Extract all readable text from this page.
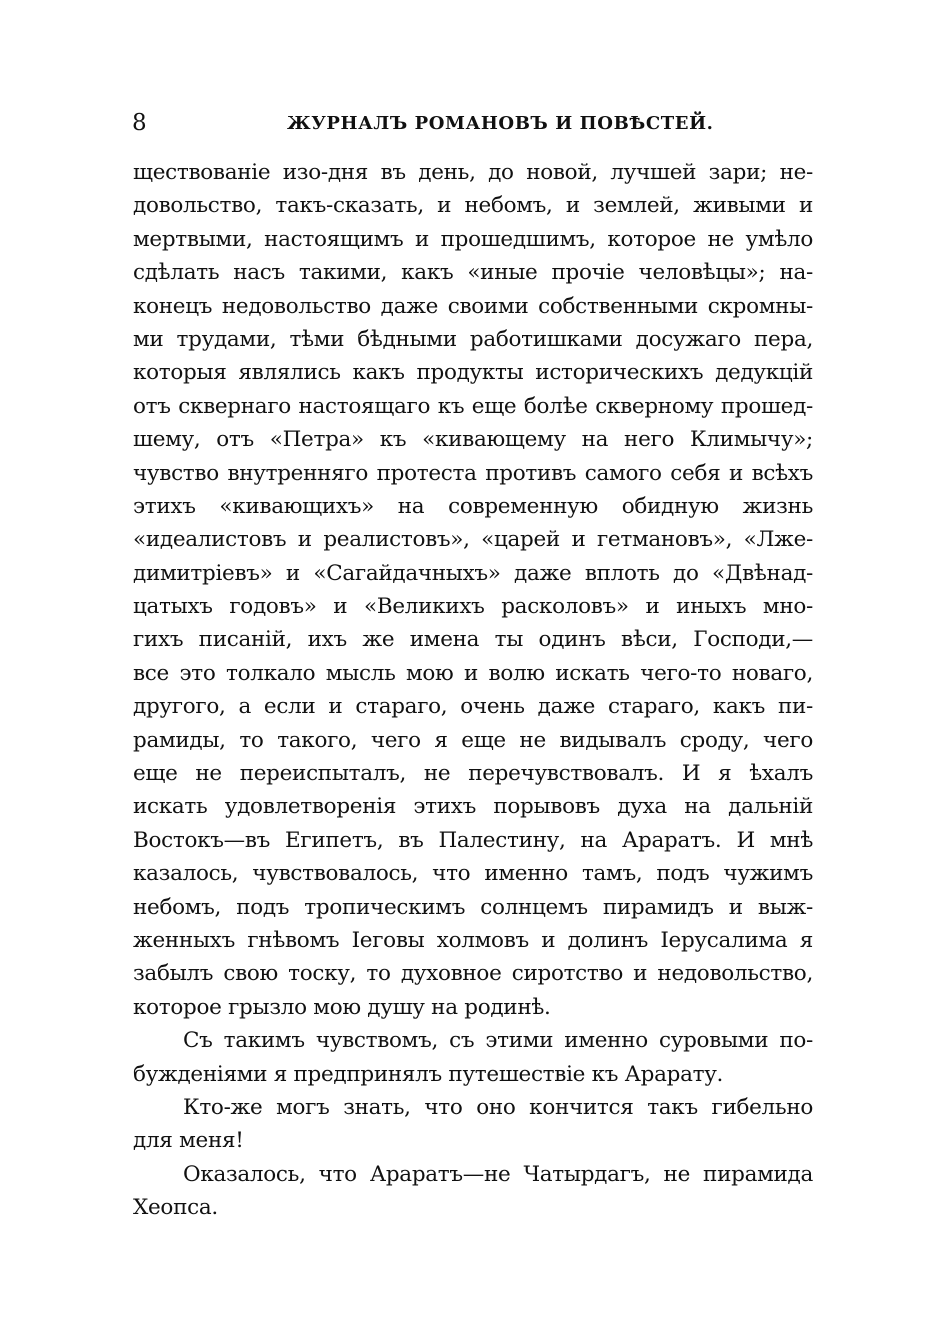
8	ЖУРНАЛЪ РОМАНОВЪ И ПОВѢСТЕЙ.
ществованіе изо-дня въ день, до новой, лучшей зари; не-
довольство, такъ-сказать, и небомъ, и землей, живыми и
мертвыми, настоящимъ и прошедшимъ, которое не умѣло
сдѣлать насъ такими, какъ «иные прочіе человѣцы»; на-
конецъ недовольство даже своими собственными скромны-
ми трудами, тѣми бѣдными работишками досужаго пера,
которыя являлись какъ продукты историческихъ дедукцій
отъ сквернаго настоящаго къ еще болѣе скверному прошед-
шему, отъ «Петра» къ «кивающему на него Климычу»;
чувство внутренняго протеста противъ самого себя и всѣхъ
этихъ «кивающихъ» на современную обидную жизнь
«идеалистовъ и реалистовъ», «царей и гетмановъ», «Лже-
димитріевъ» и «Сагайдачныхъ» даже вплоть до «Двѣнад-
цатыхъ годовъ» и «Великихъ расколовъ» и иныхъ мно-
гихъ писаній, ихъ же имена ты одинъ вѣси, Господи,—
все это толкало мысль мою и волю искать чего-то новаго,
другого, а если и стараго, очень даже стараго, какъ пи-
рамиды, то такого, чего я еще не видывалъ сроду, чего
еще не переиспыталъ, не перечувствовалъ. И я ѣхалъ
искать удовлетворенія этихъ порывовъ духа на дальній
Востокъ—въ Египетъ, въ Палестину, на Араратъ. И мнѣ
казалось, чувствовалось, что именно тамъ, подъ чужимъ
небомъ, подъ тропическимъ солнцемъ пирамидъ и выж-
женныхъ гнѣвомъ Іеговы холмовъ и долинъ Іерусалима я
забылъ свою тоску, то духовное сиротство и недовольство,
которое грызло мою душу на родинѣ.
Съ такимъ чувствомъ, съ этими именно суровыми по-
бужденіями я предпринялъ путешествіе къ Арарату.
Кто-же могъ знать, что оно кончится такъ гибельно
для меня!
Оказалось, что Араратъ—не Чатырдагъ, не пирамида
Хеопса.
